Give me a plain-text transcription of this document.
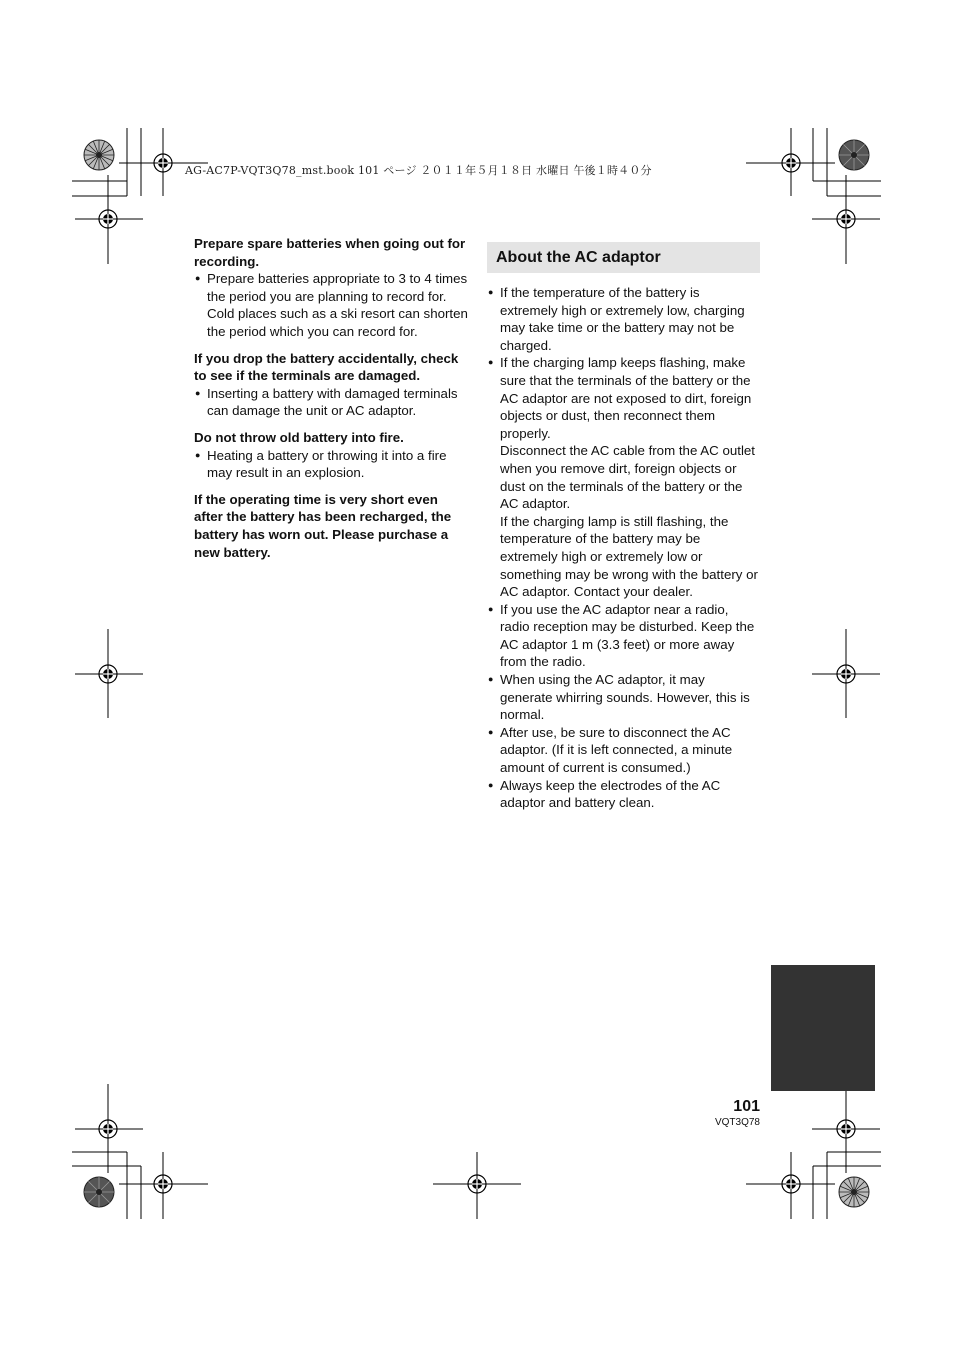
AG-AC7P-VQT3Q78_mst.book 101 ページ ２０１１年５月１８日 水曜日 午後１時４０分

Prepare spare batteries when going out for recording.

● Prepare batteries appropriate to 3 to 4 times the period you are planning to record for. Cold places such as a ski resort can shorten the period which you can record for.

If you drop the battery accidentally, check to see if the terminals are damaged.

● Inserting a battery with damaged terminals can damage the unit or AC adaptor.

Do not throw old battery into fire.

● Heating a battery or throwing it into a fire may result in an explosion.

If the operating time is very short even after the battery has been recharged, the battery has worn out. Please purchase a new battery.

About the AC adaptor
● If the temperature of the battery is extremely high or extremely low, charging may take time or the battery may not be charged.
● If the charging lamp keeps flashing, make sure that the terminals of the battery or the AC adaptor are not exposed to dirt, foreign objects or dust, then reconnect them properly.

Disconnect the AC cable from the AC outlet when you remove dirt, foreign objects or dust on the terminals of the battery or the AC adaptor.

If the charging lamp is still flashing, the temperature of the battery may be extremely high or extremely low or something may be wrong with the battery or AC adaptor. Contact your dealer.

● If you use the AC adaptor near a radio, radio reception may be disturbed. Keep the AC adaptor 1 m (3.3 feet) or more away from the radio.
● When using the AC adaptor, it may generate whirring sounds. However, this is normal.
● After use, be sure to disconnect the AC adaptor. (If it is left connected, a minute amount of current is consumed.)
● Always keep the electrodes of the AC adaptor and battery clean.
101
VQT3Q78
